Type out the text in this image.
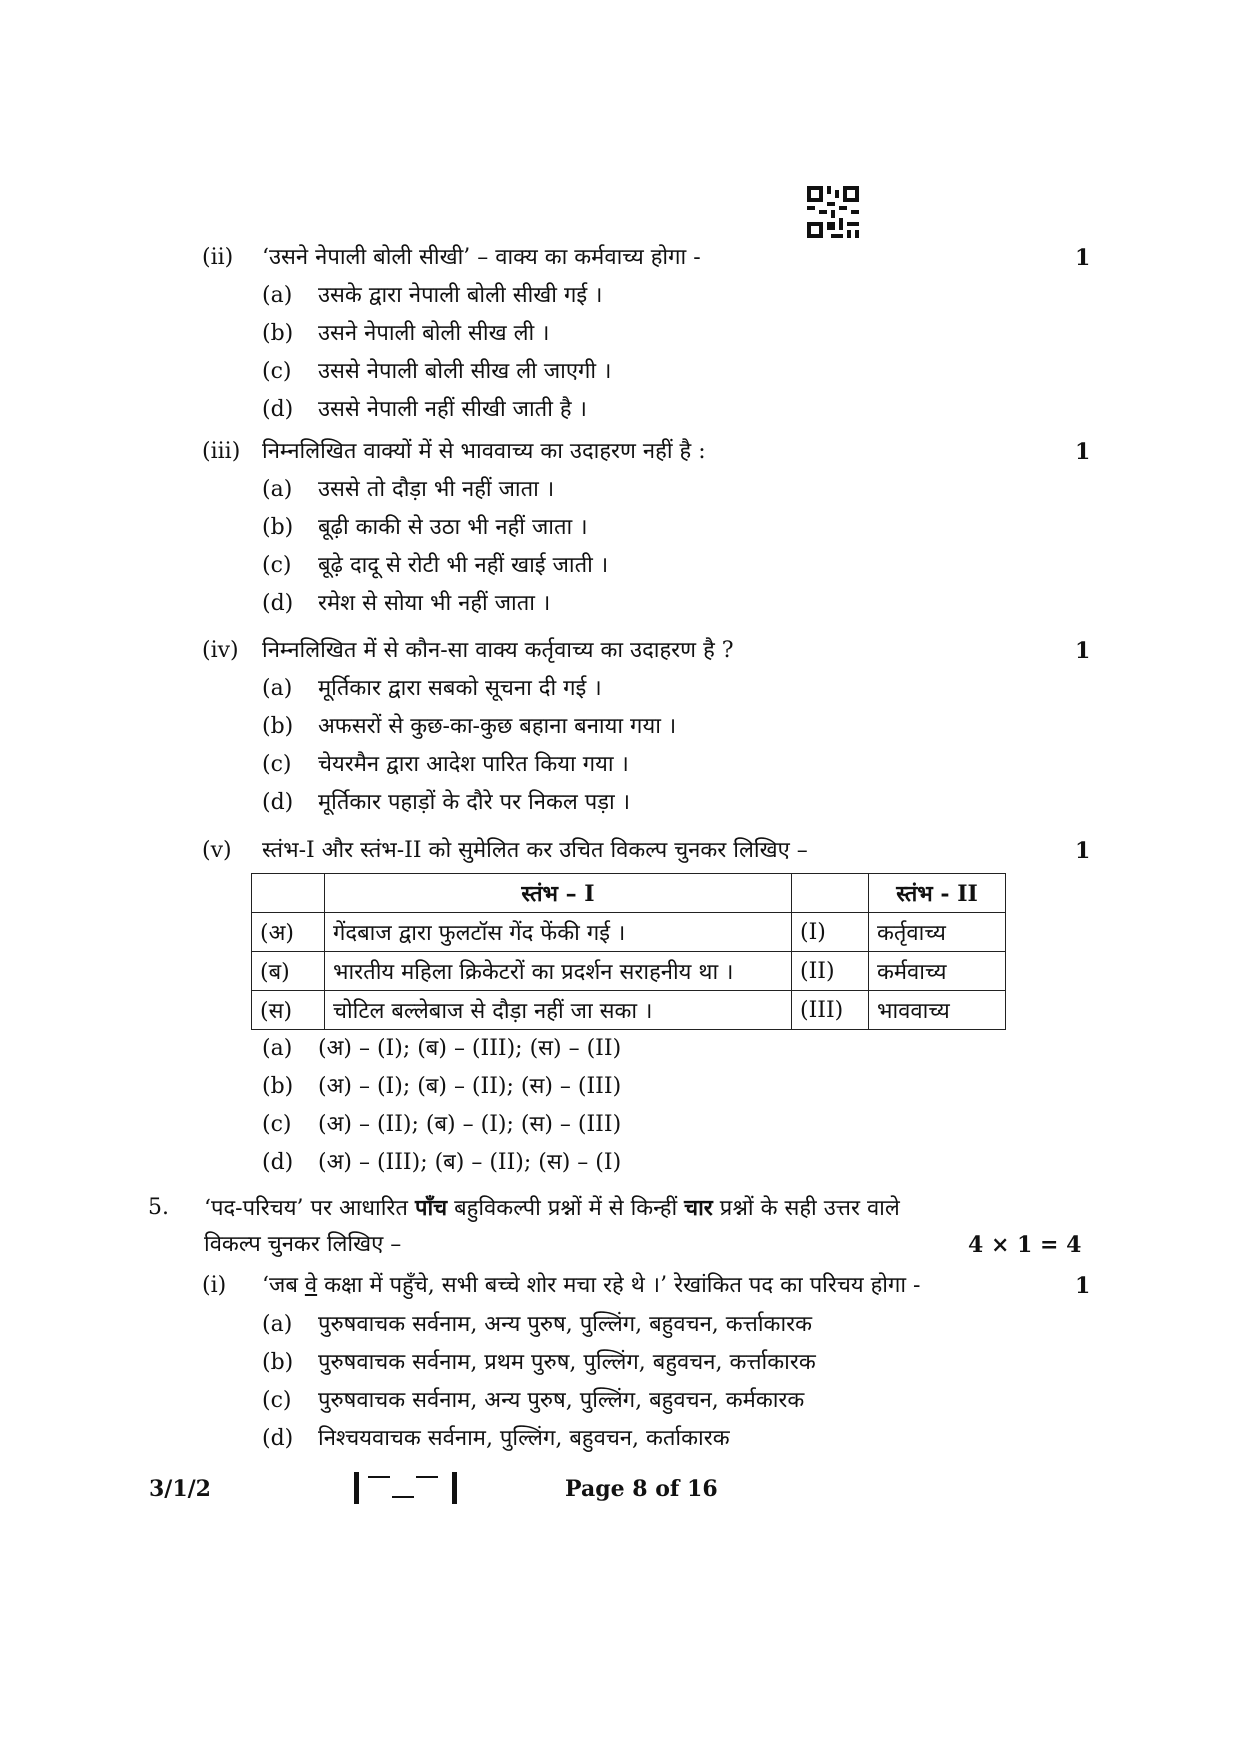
(ii) ‘उसने नेपाली बोली सीखी’ – वाक्य का कर्मवाच्य होगा -	1
(a) उसके द्वारा नेपाली बोली सीखी गई ।
(b) उसने नेपाली बोली सीख ली ।
(c) उससे नेपाली बोली सीख ली जाएगी ।
(d) उससे नेपाली नहीं सीखी जाती है ।
(iii) निम्नलिखित वाक्यों में से भाववाच्य का उदाहरण नहीं है :	1
(a) उससे तो दौड़ा भी नहीं जाता ।
(b) बूढ़ी काकी से उठा भी नहीं जाता ।
(c) बूढ़े दादू से रोटी भी नहीं खाई जाती ।
(d) रमेश से सोया भी नहीं जाता ।
(iv) निम्नलिखित में से कौन-सा वाक्य कर्तृवाच्य का उदाहरण है ?	1
(a) मूर्तिकार द्वारा सबको सूचना दी गई ।
(b) अफसरों से कुछ-का-कुछ बहाना बनाया गया ।
(c) चेयरमैन द्वारा आदेश पारित किया गया ।
(d) मूर्तिकार पहाड़ों के दौरे पर निकल पड़ा ।
(v) स्तंभ-I और स्तंभ-II को सुमेलित कर उचित विकल्प चुनकर लिखिए –	1
	स्तंभ – I		स्तंभ - II
(अ)	गेंदबाज द्वारा फुलटॉस गेंद फेंकी गई ।	(I)	कर्तृवाच्य
(ब)	भारतीय महिला क्रिकेटरों का प्रदर्शन सराहनीय था ।	(II)	कर्मवाच्य
(स)	चोटिल बल्लेबाज से दौड़ा नहीं जा सका ।	(III)	भाववाच्य
(a) (अ) – (I); (ब) – (III); (स) – (II)
(b) (अ) – (I); (ब) – (II); (स) – (III)
(c) (अ) – (II); (ब) – (I); (स) – (III)
(d) (अ) – (III); (ब) – (II); (स) – (I)
5. ‘पद-परिचय’ पर आधारित पाँच बहुविकल्पी प्रश्नों में से किन्हीं चार प्रश्नों के सही उत्तर वाले
विकल्प चुनकर लिखिए –	4 × 1 = 4
(i) ‘जब वे कक्षा में पहुँचे, सभी बच्चे शोर मचा रहे थे ।’ रेखांकित पद का परिचय होगा -	1
(a) पुरुषवाचक सर्वनाम, अन्य पुरुष, पुल्लिंग, बहुवचन, कर्त्ताकारक
(b) पुरुषवाचक सर्वनाम, प्रथम पुरुष, पुल्लिंग, बहुवचन, कर्त्ताकारक
(c) पुरुषवाचक सर्वनाम, अन्य पुरुष, पुल्लिंग, बहुवचन, कर्मकारक
(d) निश्चयवाचक सर्वनाम, पुल्लिंग, बहुवचन, कर्ताकारक
3/1/2	Page 8 of 16
